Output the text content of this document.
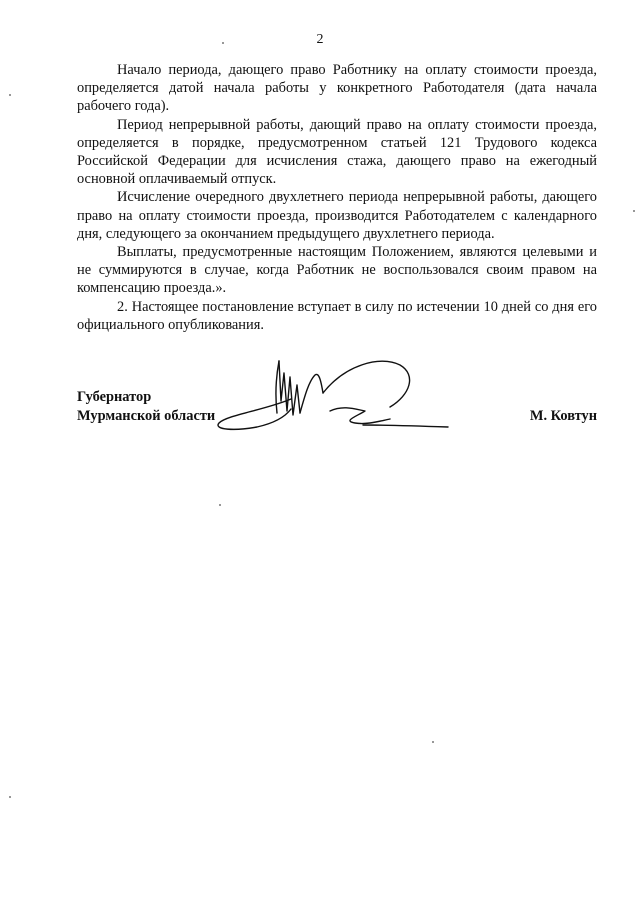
2

Начало периода, дающего право Работнику на оплату стоимости проезда, определяется датой начала работы у конкретного Работодателя (дата начала рабочего года).

Период непрерывной работы, дающий право на оплату стоимости проезда, определяется в порядке, предусмотренном статьей 121 Трудового кодекса Российской Федерации для исчисления стажа, дающего право на ежегодный основной оплачиваемый отпуск.

Исчисление очередного двухлетнего периода непрерывной работы, дающего право на оплату стоимости проезда, производится Работодателем с календарного дня, следующего за окончанием предыдущего двухлетнего периода.

Выплаты, предусмотренные настоящим Положением, являются целевыми и не суммируются в случае, когда Работник не воспользовался своим правом на компенсацию проезда.».

2. Настоящее постановление вступает в силу по истечении 10 дней со дня его официального опубликования.

Губернатор
Мурманской области	М. Ковтун
